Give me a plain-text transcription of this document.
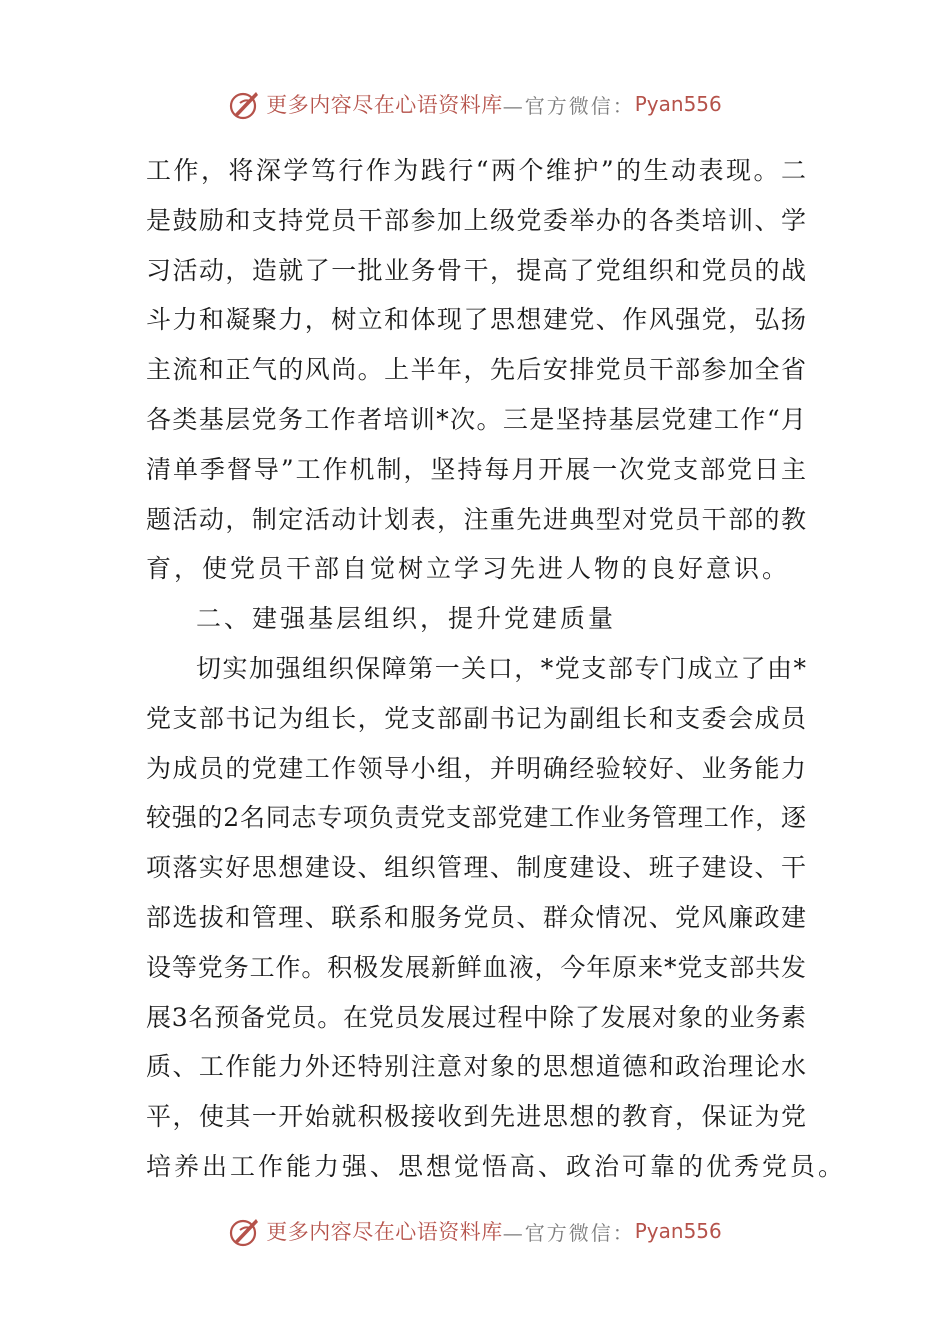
更多内容尽在心语资料库 —官方微信： Pyan556
工作，将深学笃行作为践行“两个维护”的生动表现。二
是鼓励和支持党员干部参加上级党委举办的各类培训、学
习活动，造就了一批业务骨干，提高了党组织和党员的战
斗力和凝聚力，树立和体现了思想建党、作风强党，弘扬
主流和正气的风尚。上半年，先后安排党员干部参加全省
各类基层党务工作者培训*次。三是坚持基层党建工作“月
清单季督导”工作机制，坚持每月开展一次党支部党日主
题活动，制定活动计划表，注重先进典型对党员干部的教
育，使党员干部自觉树立学习先进人物的良好意识。
二、建强基层组织，提升党建质量
切实加强组织保障第一关口，*党支部专门成立了由*
党支部书记为组长，党支部副书记为副组长和支委会成员
为成员的党建工作领导小组，并明确经验较好、业务能力
较强的2名同志专项负责党支部党建工作业务管理工作，逐
项落实好思想建设、组织管理、制度建设、班子建设、干
部选拔和管理、联系和服务党员、群众情况、党风廉政建
设等党务工作。积极发展新鲜血液，今年原来*党支部共发
展3名预备党员。在党员发展过程中除了发展对象的业务素
质、工作能力外还特别注意对象的思想道德和政治理论水
平，使其一开始就积极接收到先进思想的教育，保证为党
培养出工作能力强、思想觉悟高、政治可靠的优秀党员。
更多内容尽在心语资料库 —官方微信： Pyan556
